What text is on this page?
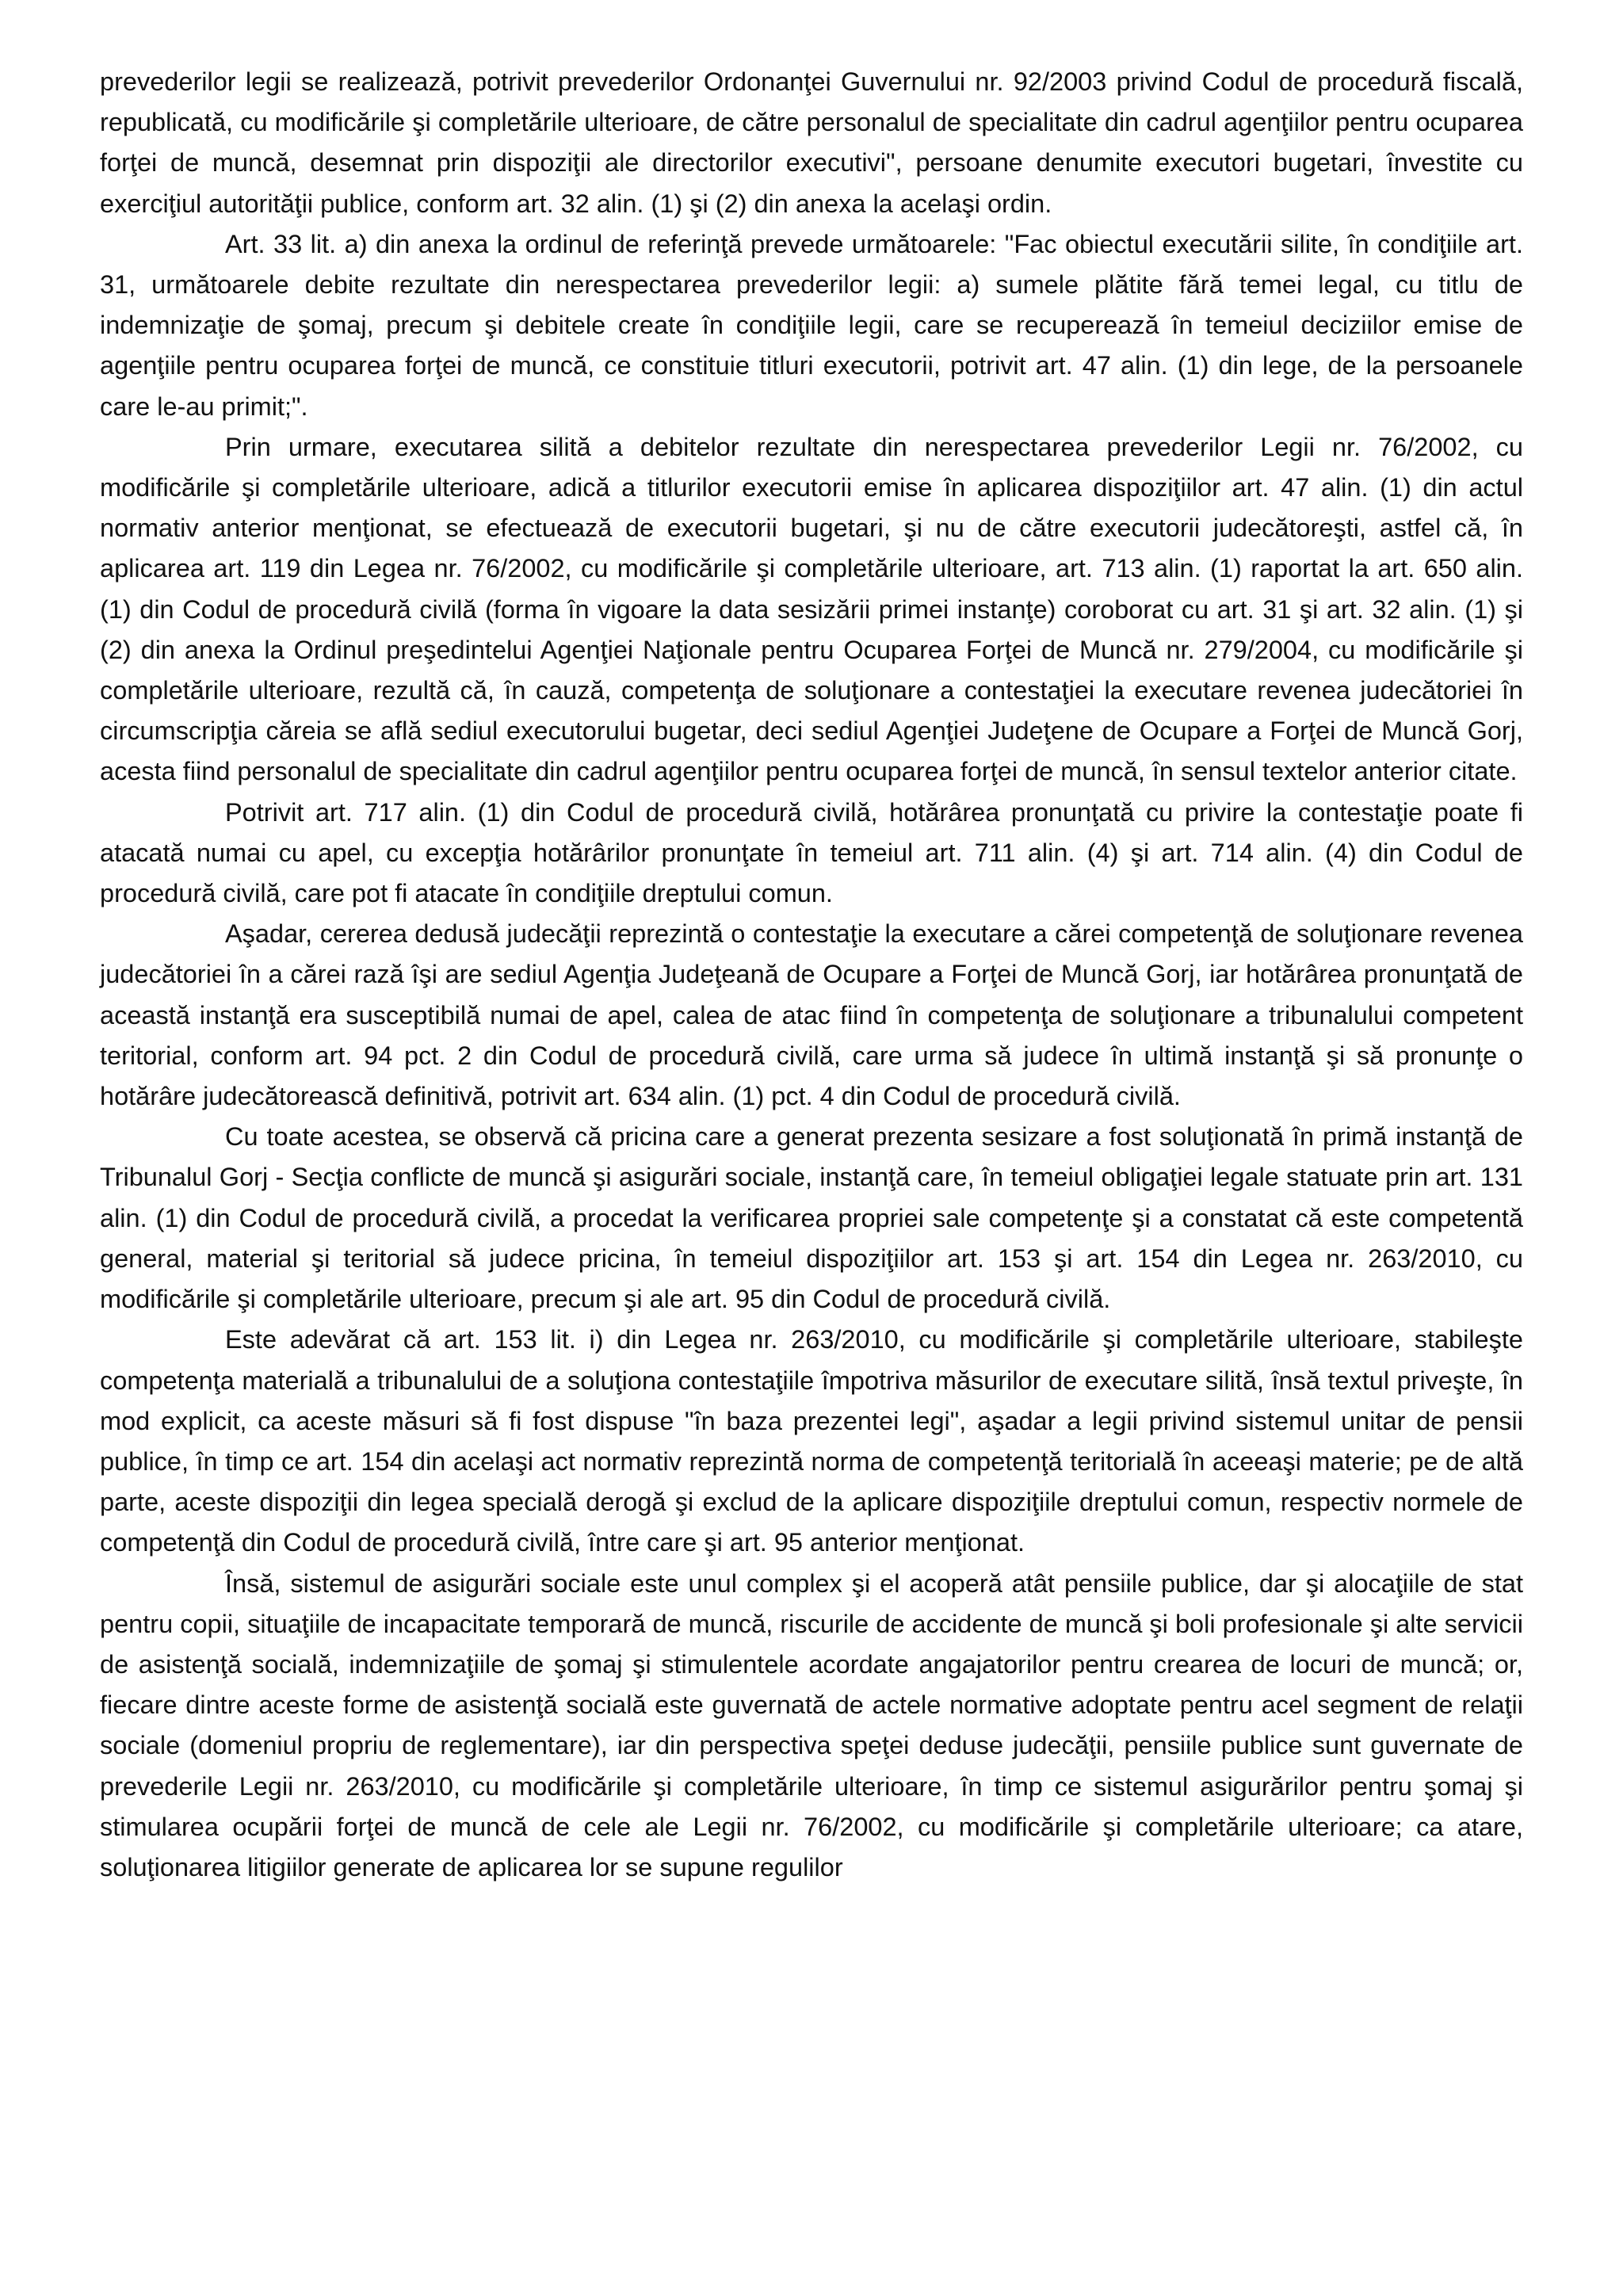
prevederilor legii se realizează, potrivit prevederilor Ordonanţei Guvernului nr. 92/2003 privind Codul de procedură fiscală, republicată, cu modificările şi completările ulterioare, de către personalul de specialitate din cadrul agenţiilor pentru ocuparea forţei de muncă, desemnat prin dispoziţii ale directorilor executivi", persoane denumite executori bugetari, învestite cu exerciţiul autorităţii publice, conform art. 32 alin. (1) şi (2) din anexa la acelaşi ordin.

Art. 33 lit. a) din anexa la ordinul de referinţă prevede următoarele: "Fac obiectul executării silite, în condiţiile art. 31, următoarele debite rezultate din nerespectarea prevederilor legii: a) sumele plătite fără temei legal, cu titlu de indemnizaţie de şomaj, precum şi debitele create în condiţiile legii, care se recuperează în temeiul deciziilor emise de agenţiile pentru ocuparea forţei de muncă, ce constituie titluri executorii, potrivit art. 47 alin. (1) din lege, de la persoanele care le-au primit;".

Prin urmare, executarea silită a debitelor rezultate din nerespectarea prevederilor Legii nr. 76/2002, cu modificările şi completările ulterioare, adică a titlurilor executorii emise în aplicarea dispoziţiilor art. 47 alin. (1) din actul normativ anterior menţionat, se efectuează de executorii bugetari, şi nu de către executorii judecătoreşti, astfel că, în aplicarea art. 119 din Legea nr. 76/2002, cu modificările şi completările ulterioare, art. 713 alin. (1) raportat la art. 650 alin. (1) din Codul de procedură civilă (forma în vigoare la data sesizării primei instanţe) coroborat cu art. 31 şi art. 32 alin. (1) şi (2) din anexa la Ordinul preşedintelui Agenţiei Naţionale pentru Ocuparea Forţei de Muncă nr. 279/2004, cu modificările şi completările ulterioare, rezultă că, în cauză, competenţa de soluţionare a contestaţiei la executare revenea judecătoriei în circumscripţia căreia se află sediul executorului bugetar, deci sediul Agenţiei Judeţene de Ocupare a Forţei de Muncă Gorj, acesta fiind personalul de specialitate din cadrul agenţiilor pentru ocuparea forţei de muncă, în sensul textelor anterior citate.

Potrivit art. 717 alin. (1) din Codul de procedură civilă, hotărârea pronunţată cu privire la contestaţie poate fi atacată numai cu apel, cu excepţia hotărârilor pronunţate în temeiul art. 711 alin. (4) şi art. 714 alin. (4) din Codul de procedură civilă, care pot fi atacate în condiţiile dreptului comun.

Aşadar, cererea dedusă judecăţii reprezintă o contestaţie la executare a cărei competenţă de soluţionare revenea judecătoriei în a cărei rază îşi are sediul Agenţia Judeţeană de Ocupare a Forţei de Muncă Gorj, iar hotărârea pronunţată de această instanţă era susceptibilă numai de apel, calea de atac fiind în competenţa de soluţionare a tribunalului competent teritorial, conform art. 94 pct. 2 din Codul de procedură civilă, care urma să judece în ultimă instanţă şi să pronunţe o hotărâre judecătorească definitivă, potrivit art. 634 alin. (1) pct. 4 din Codul de procedură civilă.

Cu toate acestea, se observă că pricina care a generat prezenta sesizare a fost soluţionată în primă instanţă de Tribunalul Gorj - Secţia conflicte de muncă şi asigurări sociale, instanţă care, în temeiul obligaţiei legale statuate prin art. 131 alin. (1) din Codul de procedură civilă, a procedat la verificarea propriei sale competenţe şi a constatat că este competentă general, material şi teritorial să judece pricina, în temeiul dispoziţiilor art. 153 şi art. 154 din Legea nr. 263/2010, cu modificările şi completările ulterioare, precum şi ale art. 95 din Codul de procedură civilă.

Este adevărat că art. 153 lit. i) din Legea nr. 263/2010, cu modificările şi completările ulterioare, stabileşte competenţa materială a tribunalului de a soluţiona contestaţiile împotriva măsurilor de executare silită, însă textul priveşte, în mod explicit, ca aceste măsuri să fi fost dispuse "în baza prezentei legi", aşadar a legii privind sistemul unitar de pensii publice, în timp ce art. 154 din acelaşi act normativ reprezintă norma de competenţă teritorială în aceeaşi materie; pe de altă parte, aceste dispoziţii din legea specială derogă şi exclud de la aplicare dispoziţiile dreptului comun, respectiv normele de competenţă din Codul de procedură civilă, între care şi art. 95 anterior menţionat.

Însă, sistemul de asigurări sociale este unul complex şi el acoperă atât pensiile publice, dar şi alocaţiile de stat pentru copii, situaţiile de incapacitate temporară de muncă, riscurile de accidente de muncă şi boli profesionale şi alte servicii de asistenţă socială, indemnizaţiile de şomaj şi stimulentele acordate angajatorilor pentru crearea de locuri de muncă; or, fiecare dintre aceste forme de asistenţă socială este guvernată de actele normative adoptate pentru acel segment de relaţii sociale (domeniul propriu de reglementare), iar din perspectiva speţei deduse judecăţii, pensiile publice sunt guvernate de prevederile Legii nr. 263/2010, cu modificările şi completările ulterioare, în timp ce sistemul asigurărilor pentru şomaj şi stimularea ocupării forţei de muncă de cele ale Legii nr. 76/2002, cu modificările şi completările ulterioare; ca atare, soluţionarea litigiilor generate de aplicarea lor se supune regulilor
